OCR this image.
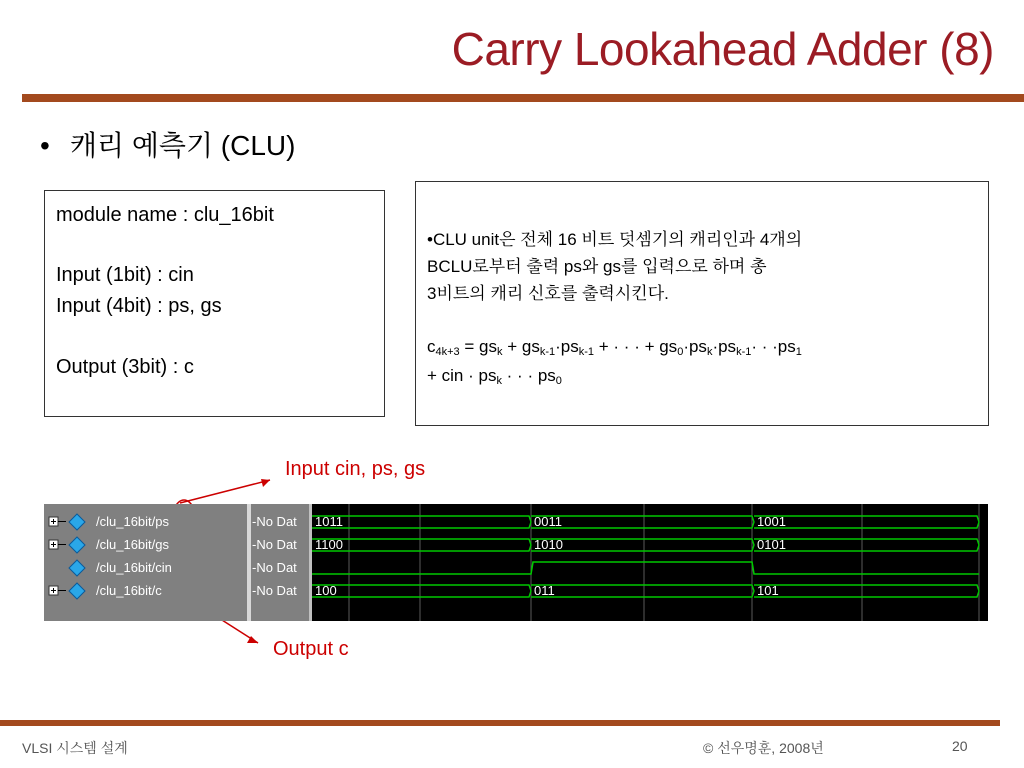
Carry Lookahead Adder (8)
• 캐리 예측기 (CLU)
module name : clu_16bit
Input (1bit) : cin
Input (4bit) : ps, gs
Output (3bit) : c
•CLU unit은 전체 16 비트 덧셈기의 캐리인과 4개의
BCLU로부터 출력 ps와 gs를 입력으로 하며 총
3비트의 캐리 신호를 출력시킨다.
$c_{4k+3} = gs_k + gs_{k-1}\cdot ps_{k-1}$ + · · · + $gs_0\cdot ps_k\cdot ps_{k-1}\cdot \cdot \cdot ps_1$
+ cin · $ps_k$ · · · $ps_0$
Input cin, ps, gs
Output c
/clu_16bit/ps	-No Dat 1011	0011	1001
/clu_16bit/gs	-No Dat 1100	1010	0101
/clu_16bit/cin	-No Dat
/clu_16bit/c	-No Dat 100	011	101
VLSI 시스템 설계	© 선우명훈, 2008년	20
